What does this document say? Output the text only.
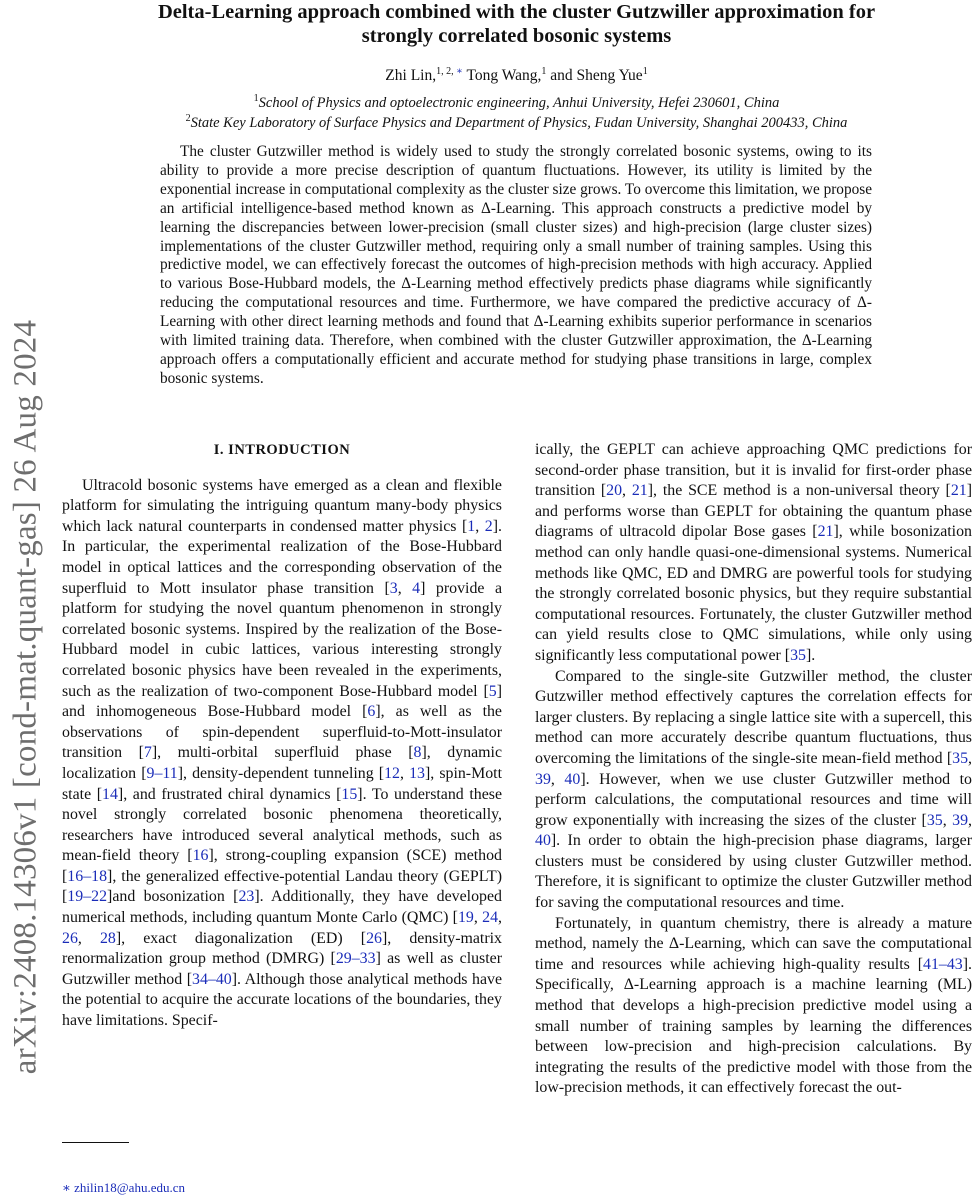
arXiv:2408.14306v1 [cond-mat.quant-gas] 26 Aug 2024
Delta-Learning approach combined with the cluster Gutzwiller approximation for
strongly correlated bosonic systems
Zhi Lin,$^{1, 2, ∗}$ Tong Wang,$^1$ and Sheng Yue$^1$
$^1$School of Physics and optoelectronic engineering, Anhui University, Hefei 230601, China
$^2$State Key Laboratory of Surface Physics and Department of Physics, Fudan University, Shanghai 200433, China

The cluster Gutzwiller method is widely used to study the strongly correlated bosonic systems, owing to its ability to provide a more precise description of quantum fluctuations. However, its utility is limited by the exponential increase in computational complexity as the cluster size grows. To overcome this limitation, we propose an artificial intelligence-based method known as Δ-Learning. This approach constructs a predictive model by learning the discrepancies between lower-precision (small cluster sizes) and high-precision (large cluster sizes) implementations of the cluster Gutzwiller method, requiring only a small number of training samples. Using this predictive model, we can effectively forecast the outcomes of high-precision methods with high accuracy. Applied to various Bose-Hubbard models, the Δ-Learning method effectively predicts phase diagrams while significantly reducing the computational resources and time. Furthermore, we have compared the predictive accuracy of Δ-Learning with other direct learning methods and found that Δ-Learning exhibits superior performance in scenarios with limited training data. Therefore, when combined with the cluster Gutzwiller approximation, the Δ-Learning approach offers a computationally efficient and accurate method for studying phase transitions in large, complex bosonic systems.

I. INTRODUCTION

Ultracold bosonic systems have emerged as a clean and flexible platform for simulating the intriguing quantum many-body physics which lack natural counterparts in condensed matter physics [1, 2]. In particular, the experimental realization of the Bose-Hubbard model in optical lattices and the corresponding observation of the superfluid to Mott insulator phase transition [3, 4] provide a platform for studying the novel quantum phenomenon in strongly correlated bosonic systems. Inspired by the realization of the Bose-Hubbard model in cubic lattices, various interesting strongly correlated bosonic physics have been revealed in the experiments, such as the realization of two-component Bose-Hubbard model [5] and inhomogeneous Bose-Hubbard model [6], as well as the observations of spin-dependent superfluid-to-Mott-insulator transition [7], multi-orbital superfluid phase [8], dynamic localization [9–11], density-dependent tunneling [12, 13], spin-Mott state [14], and frustrated chiral dynamics [15]. To understand these novel strongly correlated bosonic phenomena theoretically, researchers have introduced several analytical methods, such as mean-field theory [16], strong-coupling expansion (SCE) method [16–18], the generalized effective-potential Landau theory (GEPLT) [19–22]and bosonization [23]. Additionally, they have developed numerical methods, including quantum Monte Carlo (QMC) [19, 24, 26, 28], exact diagonalization (ED) [26], density-matrix renormalization group method (DMRG) [29–33] as well as cluster Gutzwiller method [34–40]. Although those analytical methods have the potential to acquire the accurate locations of the boundaries, they have limitations. Specif-

ically, the GEPLT can achieve approaching QMC predictions for second-order phase transition, but it is invalid for first-order phase transition [20, 21], the SCE method is a non-universal theory [21] and performs worse than GEPLT for obtaining the quantum phase diagrams of ultracold dipolar Bose gases [21], while bosonization method can only handle quasi-one-dimensional systems. Numerical methods like QMC, ED and DMRG are powerful tools for studying the strongly correlated bosonic physics, but they require substantial computational resources. Fortunately, the cluster Gutzwiller method can yield results close to QMC simulations, while only using significantly less computational power [35].

Compared to the single-site Gutzwiller method, the cluster Gutzwiller method effectively captures the correlation effects for larger clusters. By replacing a single lattice site with a supercell, this method can more accurately describe quantum fluctuations, thus overcoming the limitations of the single-site mean-field method [35, 39, 40]. However, when we use cluster Gutzwiller method to perform calculations, the computational resources and time will grow exponentially with increasing the sizes of the cluster [35, 39, 40]. In order to obtain the high-precision phase diagrams, larger clusters must be considered by using cluster Gutzwiller method. Therefore, it is significant to optimize the cluster Gutzwiller method for saving the computational resources and time.

Fortunately, in quantum chemistry, there is already a mature method, namely the Δ-Learning, which can save the computational time and resources while achieving high-quality results [41–43]. Specifically, Δ-Learning approach is a machine learning (ML) method that develops a high-precision predictive model using a small number of training samples by learning the differences between low-precision and high-precision calculations. By integrating the results of the predictive model with those from the low-precision methods, it can effectively forecast the out-

∗ zhilin18@ahu.edu.cn
